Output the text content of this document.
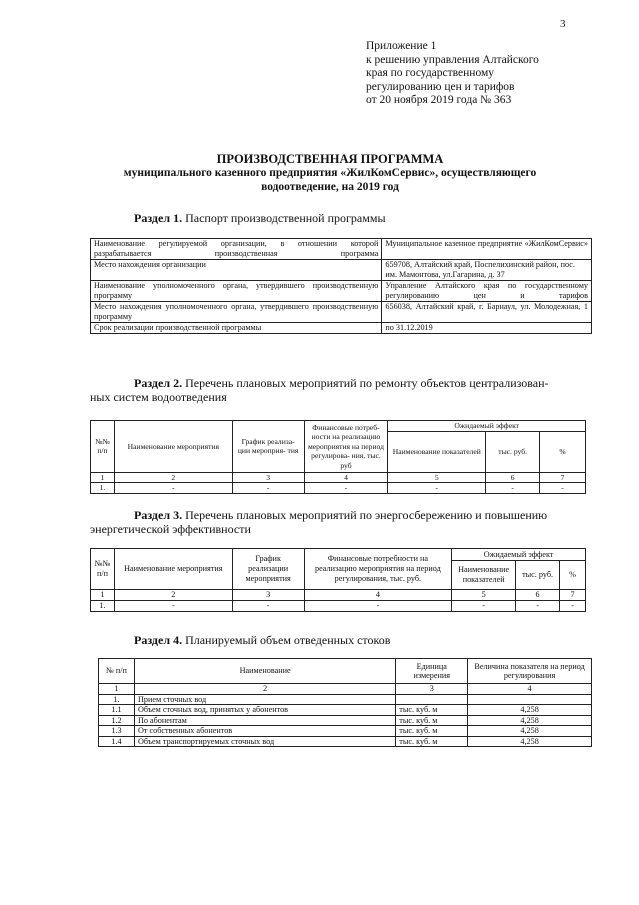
3
Приложение 1
к решению управления Алтайского
края по государственному
регулированию цен и тарифов
от 20 ноября 2019 года № 363
ПРОИЗВОДСТВЕННАЯ ПРОГРАММА
муниципального казенного предприятия «ЖилКомСервис», осуществляющего
водоотведение, на 2019 год
Раздел 1. Паспорт производственной программы
Наименование регулируемой организации, в отношении которой разрабатывается производственная программа	Муниципальное казенное предприятие «ЖилКомСервис»
Место нахождения организации	659708, Алтайский край, Поспелихинский район, пос. им. Мамонтова, ул.Гагарина, д. 37
Наименование уполномоченного органа, утвердившего производственную программу	Управление Алтайского края по государственному регулированию цен и тарифов
Место нахождения уполномоченного органа, утвердившего производственную программу	656038, Алтайский край, г. Барнаул, ул. Молодежная, 1
Срок реализации производственной программы	по 31.12.2019
Раздел 2. Перечень плановых мероприятий по ремонту объектов централизован-
ных систем водоотведения
№№ п/п	Наименование мероприятия	График реализа- ции мероприя- тия	Финансовые потреб- ности на реализацию мероприятия на период регулирова- ния, тыс. руб	Ожидаемый эффект		
				Наименование показателей	тыс. руб.	%
1	2	3	4	5	6	7
1.	-	-	-	-	-	-
Раздел 3. Перечень плановых мероприятий по энергосбережению и повышению
энергетической эффективности
№№ п/п	Наименование мероприятия	График реализации мероприятия	Финансовые потребности на реализацию мероприятия на период регулирования, тыс. руб.	Ожидаемый эффект		
				Наименование показателей	тыс. руб.	%
1	2	3	4	5	6	7
1.	-	-	-	-	-	-
Раздел 4. Планируемый объем отведенных стоков
№ п/п	Наименование	Единица измерения	Величина показателя на период регулирования
1	2	3	4
1.	Прием сточных вод		
1.1	Объем сточных вод, принятых у абонентов	тыс. куб. м	4,258
1.2	По абонентам	тыс. куб. м	4,258
1.3	От собственных абонентов	тыс. куб. м	4,258
1.4	Объем транспортируемых сточных вод	тыс. куб. м	4,258
